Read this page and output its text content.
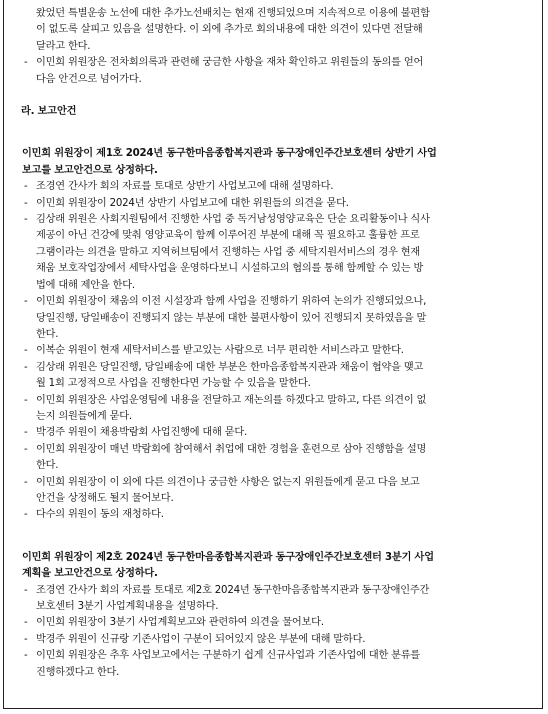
왔었던 특별운송 노선에 대한 추가노선배치는 현재 진행되었으며 지속적으로 이용에 불편함
이 없도록 살피고 있음을 설명한다. 이 외에 추가로 회의내용에 대한 의견이 있다면 전달해
달라고 한다.
- 이민희 위원장은 전차회의록과 관련해 궁금한 사항을 재차 확인하고 위원들의 동의를 얻어
다음 안건으로 넘어가다.
라. 보고안건
이민희 위원장이 제1호 2024년 동구한마음종합복지관과 동구장애인주간보호센터 상반기 사업
보고를 보고안건으로 상정하다.
- 조경연 간사가 회의 자료를 토대로 상반기 사업보고에 대해 설명하다.
- 이민희 위원장이 2024년 상반기 사업보고에 대한 위원들의 의견을 묻다.
- 김상래 위원은 사회지원팀에서 진행한 사업 중 독거남성영양교육은 단순 요리활동이나 식사
제공이 아닌 건강에 맞춰 영양교육이 함께 이루어진 부분에 대해 꼭 필요하고 훌륭한 프로
그램이라는 의견을 말하고 지역허브팀에서 진행하는 사업 중 세탁지원서비스의 경우 현재
채움 보호작업장에서 세탁사업을 운영하다보니 시설하고의 협의를 통해 함께할 수 있는 방
법에 대해 제안을 한다.
- 이민희 위원장이 채움의 이전 시설장과 함께 사업을 진행하기 위하여 논의가 진행되었으나,
당일진행, 당일배송이 진행되지 않는 부분에 대한 불편사항이 있어 진행되지 못하였음을 말
한다.
- 이복순 위원이 현재 세탁서비스를 받고있는 사람으로 너무 편리한 서비스라고 말한다.
- 김상래 위원은 당일진행, 당일배송에 대한 부분은 한마음종합복지관과 채움이 협약을 맺고
월 1회 고정적으로 사업을 진행한다면 가능할 수 있음을 말한다.
- 이민희 위원장은 사업운영팀에 내용을 전달하고 재논의를 하겠다고 말하고, 다른 의견이 없
는지 의원들에게 묻다.
- 박경주 위원이 채용박람회 사업진행에 대해 묻다.
- 이민희 위원장이 매년 박람회에 참여해서 취업에 대한 경험을 훈련으로 삼아 진행함을 설명
한다.
- 이민희 위원장이 이 외에 다른 의견이나 궁금한 사항은 없는지 위원들에게 묻고 다음 보고
안건을 상정해도 될지 물어보다.
- 다수의 위원이 동의 재청하다.
이민희 위원장이 제2호 2024년 동구한마음종합복지관과 동구장애인주간보호센터 3분기 사업
계획을 보고안건으로 상정하다.
- 조경연 간사가 회의 자료를 토대로 제2호 2024년 동구한마음종합복지관과 동구장애인주간
보호센터 3분기 사업계획내용을 설명하다.
- 이민희 위원장이 3분기 사업계획보고와 관련하여 의견을 물어보다.
- 박경주 위원이 신규랑 기존사업이 구분이 되어있지 않은 부분에 대해 말하다.
- 이민희 위원장은 추후 사업보고에서는 구분하기 쉽게 신규사업과 기존사업에 대한 분류를
진행하겠다고 한다.
